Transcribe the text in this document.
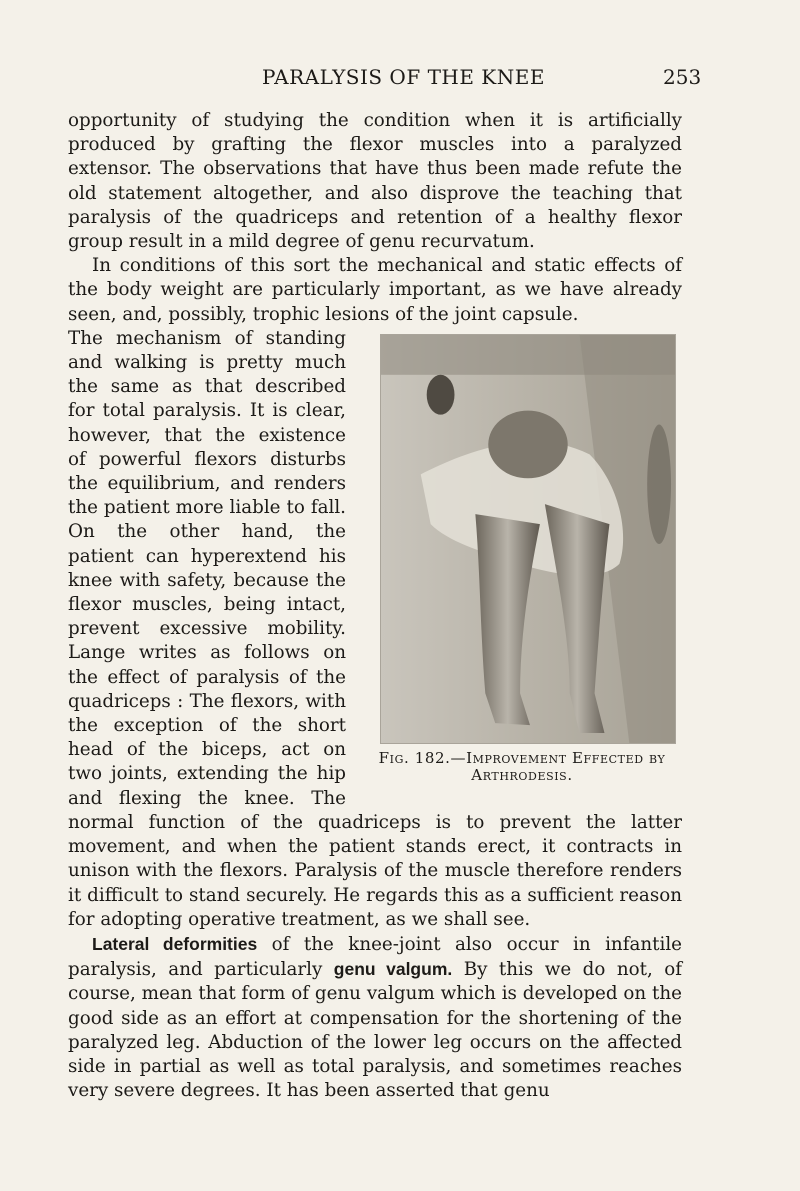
PARALYSIS OF THE KNEE	253

opportunity of studying the condition when it is artificially produced by grafting the flexor muscles into a paralyzed extensor. The observations that have thus been made refute the old statement altogether, and also disprove the teaching that paralysis of the quadriceps and retention of a healthy flexor group result in a mild degree of genu recurvatum.

In conditions of this sort the mechanical and static effects of the body weight are particularly important, as we have already seen, and, possibly, trophic lesions of the joint capsule.

Fig. 182.—Improvement Effected by
Arthrodesis.

The mechanism of standing and walking is pretty much the same as that described for total paralysis. It is clear, however, that the existence of powerful flexors disturbs the equilibrium, and renders the patient more liable to fall. On the other hand, the patient can hyperextend his knee with safety, because the flexor muscles, being intact, prevent excessive mobility. Lange writes as follows on the effect of paralysis of the quadriceps : The flexors, with the exception of the short head of the biceps, act on two joints, extending the hip and flexing the knee. The normal function of the quadriceps is to prevent the latter movement, and when the patient stands erect, it contracts in unison with the flexors. Paralysis of the muscle therefore renders it difficult to stand securely. He regards this as a sufficient reason for adopting operative treatment, as we shall see.

Lateral deformities of the knee-joint also occur in infantile paralysis, and particularly genu valgum. By this we do not, of course, mean that form of genu valgum which is developed on the good side as an effort at compensation for the shortening of the paralyzed leg. Abduction of the lower leg occurs on the affected side in partial as well as total paralysis, and sometimes reaches very severe degrees. It has been asserted that genu
